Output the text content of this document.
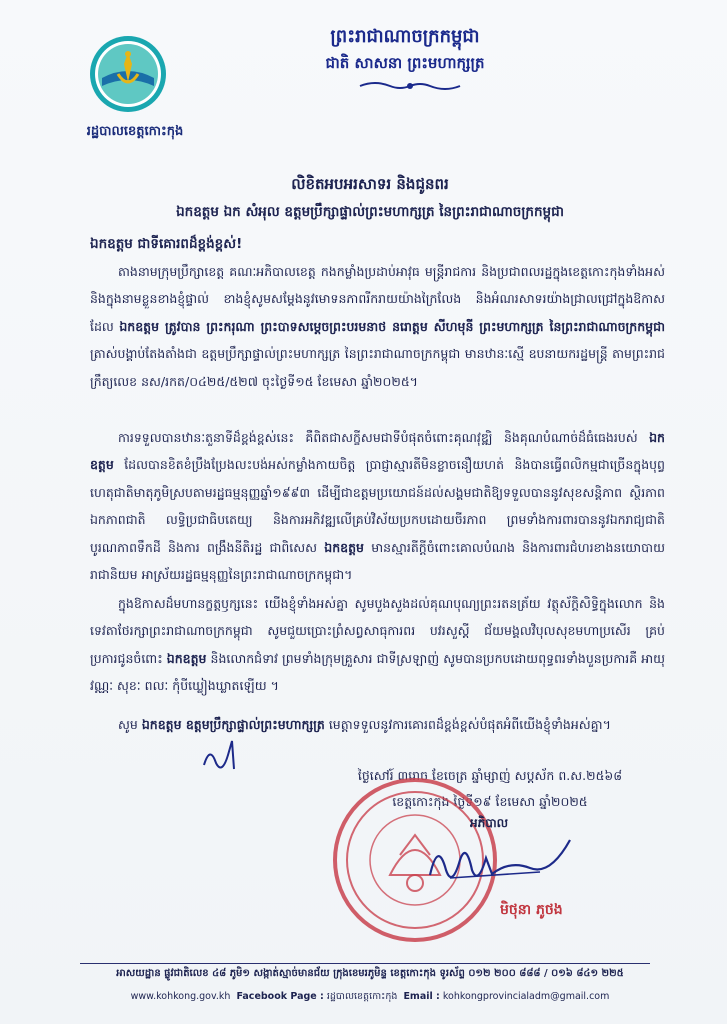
រដ្ឋបាលខេត្តកោះកុង
ព្រះរាជាណាចក្រកម្ពុជា
ជាតិ សាសនា ព្រះមហាក្សត្រ
លិខិតអបអរសាទរ និងជូនពរ
ឯកឧត្តម ឯក សំអុល ឧត្តមប្រឹក្សាផ្ទាល់ព្រះមហាក្សត្រ នៃព្រះរាជាណាចក្រកម្ពុជា
ឯកឧត្តម ជាទីគោរពដ៏ខ្ពង់ខ្ពស់!

តាងនាមក្រុមប្រឹក្សាខេត្ត គណៈអភិបាលខេត្ត កងកម្លាំងប្រដាប់អាវុធ មន្ត្រីរាជការ និងប្រជាពលរដ្ឋក្នុងខេត្តកោះកុងទាំងអស់ និងក្នុងនាមខ្លួនខាងខ្ញុំផ្ទាល់ ខាងខ្ញុំសូមសម្តែងនូវមោទនភាពរីករាយយ៉ាងក្រៃលែង និងអំណរសាទរយ៉ាងជ្រាលជ្រៅក្នុងឱកាសដែល ឯកឧត្តម ត្រូវបាន ព្រះករុណា ព្រះបាទសម្តេចព្រះបរមនាថ នរោត្តម សីហមុនី ព្រះមហាក្សត្រ នៃព្រះរាជាណាចក្រកម្ពុជា ត្រាស់បង្គាប់តែងតាំងជា ឧត្តមប្រឹក្សាផ្ទាល់ព្រះមហាក្សត្រ នៃព្រះរាជាណាចក្រកម្ពុជា មានឋានៈស្មើ ឧបនាយករដ្ឋមន្ត្រី តាមព្រះរាជក្រឹត្យលេខ នស/រកត/០៤២៥/៥២៧ ចុះថ្ងៃទី១៥ ខែមេសា ឆ្នាំ២០២៥។

ការទទួលបានឋានៈតួនាទីដ៏ខ្ពង់ខ្ពស់នេះ គឺពិតជាសក្ខីសមជាទីបំផុតចំពោះគុណវុឌ្ឍិ និងគុណបំណាច់ដ៏ធំធេងរបស់ ឯកឧត្តម ដែលបានខិតខំប្រឹងប្រែងលះបង់អស់កម្លាំងកាយចិត្ត ប្រាជ្ញាស្មារតីមិនខ្លាចនឿយហត់ និងបានធ្វើពលិកម្មជាច្រើនក្នុងបុព្វហេតុជាតិមាតុភូមិស្របតាមរដ្ឋធម្មនុញ្ញឆ្នាំ១៩៩៣ ដើម្បីជាឧត្តមប្រយោជន៍ដល់សង្គមជាតិឱ្យទទួលបាននូវសុខសន្តិភាព ស្ថិរភាព ឯកភាពជាតិ លទ្ធិប្រជាធិបតេយ្យ និងការអភិវឌ្ឍលើគ្រប់វិស័យប្រកបដោយចីរភាព ព្រមទាំងការពារបាននូវឯករាជ្យជាតិ បូរណភាពទឹកដី និងការ ពង្រឹងនីតិរដ្ឋ ជាពិសេស ឯកឧត្តម មានស្មារតីក្ដីចំពោះគោលបំណង និងការពារជំហរខាងនយោបាយរាជានិយម អាស្រ័យរដ្ឋធម្មនុញ្ញនៃព្រះរាជាណាចក្រកម្ពុជា។

ក្នុងឱកាសដ៏មហានក្ខត្តឫក្សនេះ យើងខ្ញុំទាំងអស់គ្នា សូមបួងសួងដល់គុណបុណ្យព្រះរតនត្រ័យ វត្ថុស័ក្តិសិទ្ធិក្នុងលោក និងទេវតាថែរក្សាព្រះរាជាណាចក្រកម្ពុជា សូមជួយប្រោះព្រំសព្វសាធុការពរ បវរសួស្តី ជ័យមង្គលវិបុលសុខមហាប្រសើរ គ្រប់ប្រការជូនចំពោះ ឯកឧត្តម និងលោកជំទាវ ព្រមទាំងក្រុមគ្រួសារ ជាទីស្រឡាញ់ សូមបានប្រកបដោយពុទ្ធពរទាំងបួនប្រការគឺ អាយុ វណ្ណៈ សុខៈ ពលៈ កុំបីឃ្លៀងឃ្លាតឡើយ ។

សូម ឯកឧត្តម ឧត្តមប្រឹក្សាផ្ទាល់ព្រះមហាក្សត្រ មេត្តាទទួលនូវការគោរពដ៏ខ្ពង់ខ្ពស់បំផុតអំពីយើងខ្ញុំទាំងអស់គ្នា។
ថ្ងៃសៅរ៍ ៣រោច ខែចេត្រ ឆ្នាំម្សាញ់ សប្តស័ក ព.ស.២៥៦៨
ខេត្តកោះកុង ថ្ងៃទី១៩ ខែមេសា ឆ្នាំ២០២៥
អភិបាល
មិថុនា ភូថង
អាសយដ្ឋាន ផ្លូវជាតិលេខ ៤៨ ភូមិ១ សង្កាត់ស្មាច់មានជ័យ ក្រុងខេមរភូមិន្ទ ខេត្តកោះកុង ទូរស័ព្ទ ០១២ ២០០ ៨៨៨ / ០១៦ ៨៤១ ២២៥
www.kohkong.gov.kh Facebook Page : រដ្ឋបាលខេត្តកោះកុង Email : kohkongprovincialadm@gmail.com
